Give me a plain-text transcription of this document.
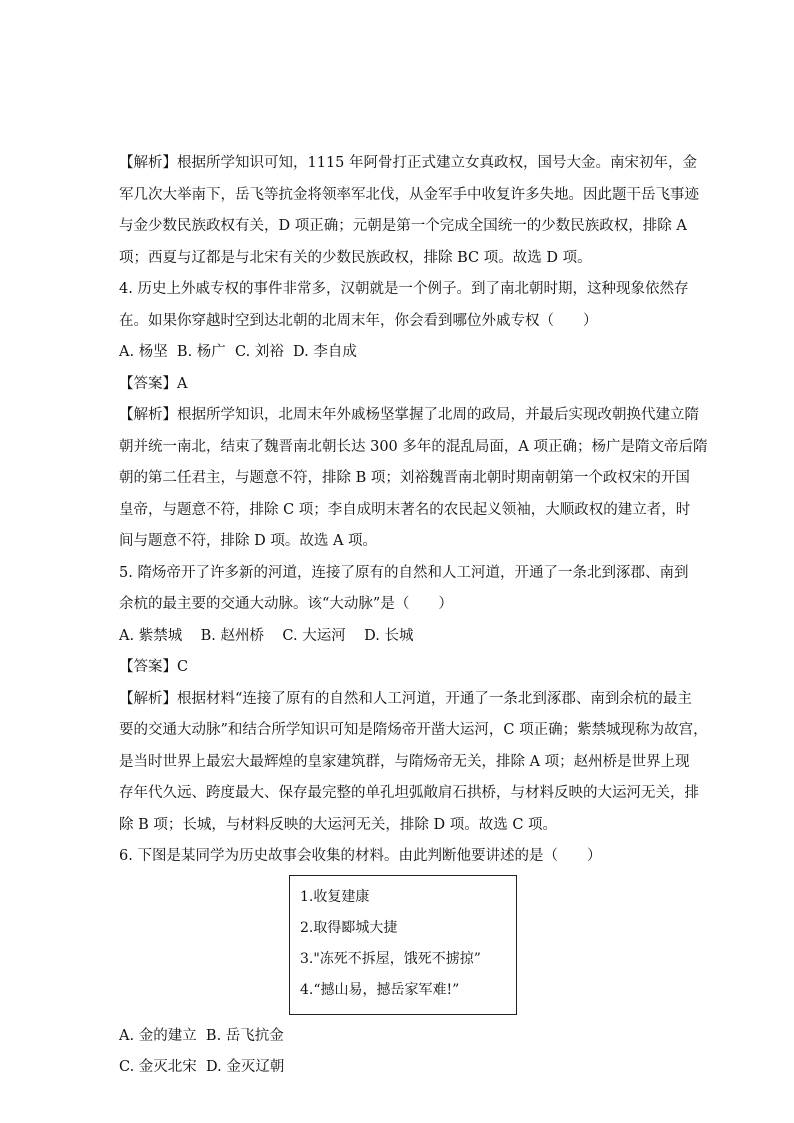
【解析】根据所学知识可知，1115 年阿骨打正式建立女真政权，国号大金。南宋初年，金
军几次大举南下，岳飞等抗金将领率军北伐，从金军手中收复许多失地。因此题干岳飞事迹
与金少数民族政权有关，D 项正确；元朝是第一个完成全国统一的少数民族政权，排除 A
项；西夏与辽都是与北宋有关的少数民族政权，排除 BC 项。故选 D 项。
4. 历史上外戚专权的事件非常多，汉朝就是一个例子。到了南北朝时期，这种现象依然存
在。如果你穿越时空到达北朝的北周末年，你会看到哪位外戚专权（　　）
A. 杨坚  B. 杨广  C. 刘裕  D. 李自成
【答案】A
【解析】根据所学知识，北周末年外戚杨坚掌握了北周的政局，并最后实现改朝换代建立隋
朝并统一南北，结束了魏晋南北朝长达 300 多年的混乱局面，A 项正确；杨广是隋文帝后隋
朝的第二任君主，与题意不符，排除 B 项；刘裕魏晋南北朝时期南朝第一个政权宋的开国
皇帝，与题意不符，排除 C 项；李自成明末著名的农民起义领袖，大顺政权的建立者，时
间与题意不符，排除 D 项。故选 A 项。
5. 隋炀帝开了许多新的河道，连接了原有的自然和人工河道，开通了一条北到涿郡、南到
余杭的最主要的交通大动脉。该“大动脉”是（　　）
A. 紫禁城    B. 赵州桥    C. 大运河    D. 长城
【答案】C
【解析】根据材料“连接了原有的自然和人工河道，开通了一条北到涿郡、南到余杭的最主
要的交通大动脉”和结合所学知识可知是隋炀帝开凿大运河，C 项正确；紫禁城现称为故宫，
是当时世界上最宏大最辉煌的皇家建筑群，与隋炀帝无关，排除 A 项；赵州桥是世界上现
存年代久远、跨度最大、保存最完整的单孔坦弧敞肩石拱桥，与材料反映的大运河无关，排
除 B 项；长城，与材料反映的大运河无关，排除 D 项。故选 C 项。
6. 下图是某同学为历史故事会收集的材料。由此判断他要讲述的是（　　）
1.收复建康
2.取得郾城大捷
3."冻死不拆屋，饿死不掳掠”
4.“撼山易，撼岳家军难!”
A. 金的建立  B. 岳飞抗金
C. 金灭北宋  D. 金灭辽朝
